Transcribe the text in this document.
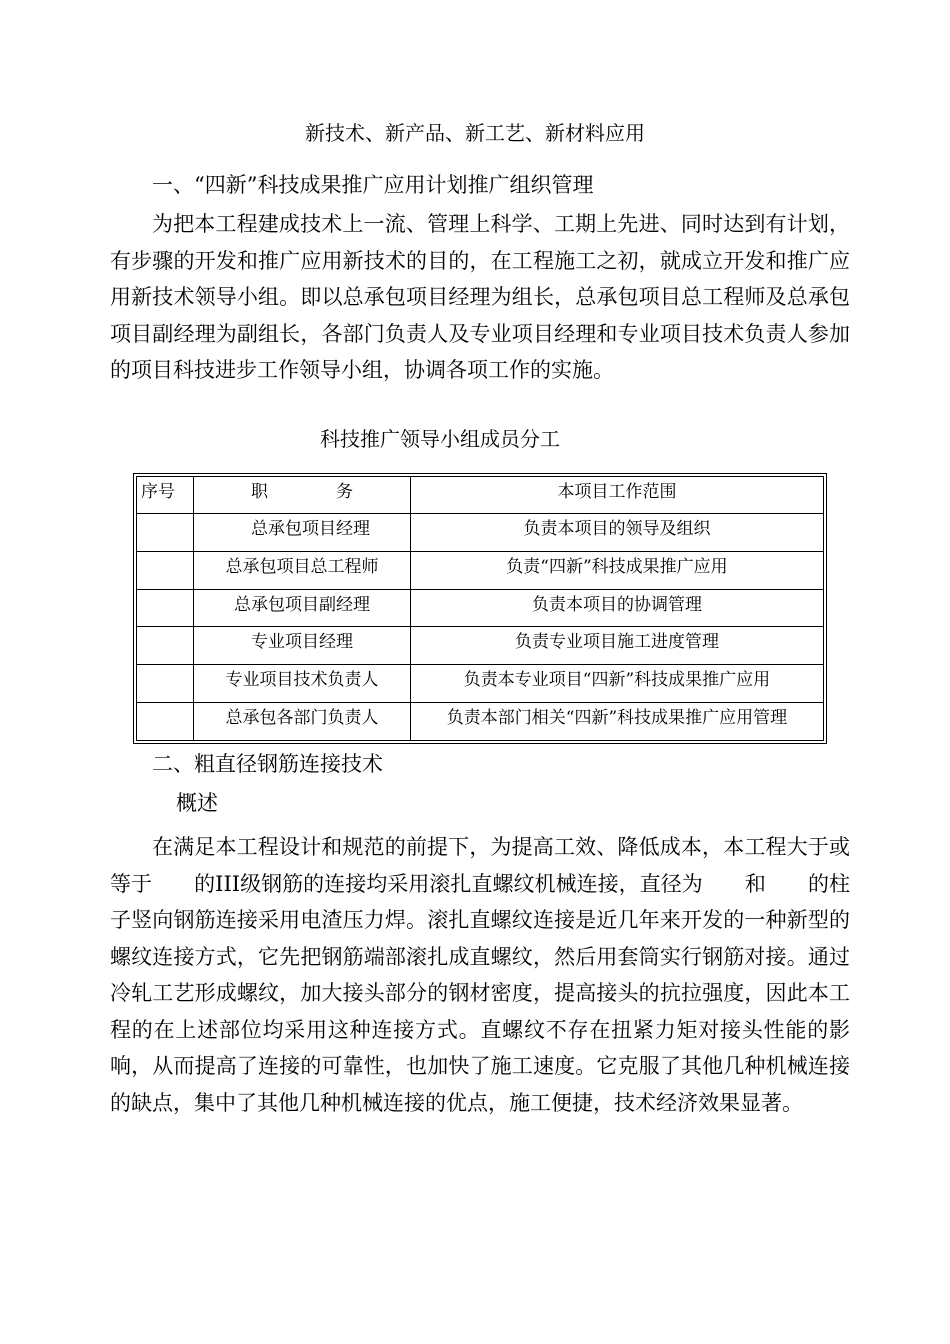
新技术、新产品、新工艺、新材料应用
一、“四新”科技成果推广应用计划推广组织管理

为把本工程建成技术上一流、管理上科学、工期上先进、同时达到有计划，有步骤的开发和推广应用新技术的目的，在工程施工之初，就成立开发和推广应用新技术领导小组。即以总承包项目经理为组长，总承包项目总工程师及总承包项目副经理为副组长，各部门负责人及专业项目经理和专业项目技术负责人参加的项目科技进步工作领导小组，协调各项工作的实施。

科技推广领导小组成员分工
序号	职　　　　务	本项目工作范围
	　总承包项目经理	负责本项目的领导及组织
	总承包项目总工程师	负责“四新”科技成果推广应用
	总承包项目副经理	负责本项目的协调管理
	专业项目经理	负责专业项目施工进度管理
	专业项目技术负责人	负责本专业项目“四新”科技成果推广应用
	总承包各部门负责人	负责本部门相关“四新”科技成果推广应用管理
二、粗直径钢筋连接技术
概述

在满足本工程设计和规范的前提下，为提高工效、降低成本，本工程大于或等于　　的III级钢筋的连接均采用滚扎直螺纹机械连接，直径为　　和　　的柱子竖向钢筋连接采用电渣压力焊。滚扎直螺纹连接是近几年来开发的一种新型的螺纹连接方式，它先把钢筋端部滚扎成直螺纹，然后用套筒实行钢筋对接。通过冷轧工艺形成螺纹，加大接头部分的钢材密度，提高接头的抗拉强度，因此本工程的在上述部位均采用这种连接方式。直螺纹不存在扭紧力矩对接头性能的影响，从而提高了连接的可靠性，也加快了施工速度。它克服了其他几种机械连接的缺点，集中了其他几种机械连接的优点，施工便捷，技术经济效果显著。
